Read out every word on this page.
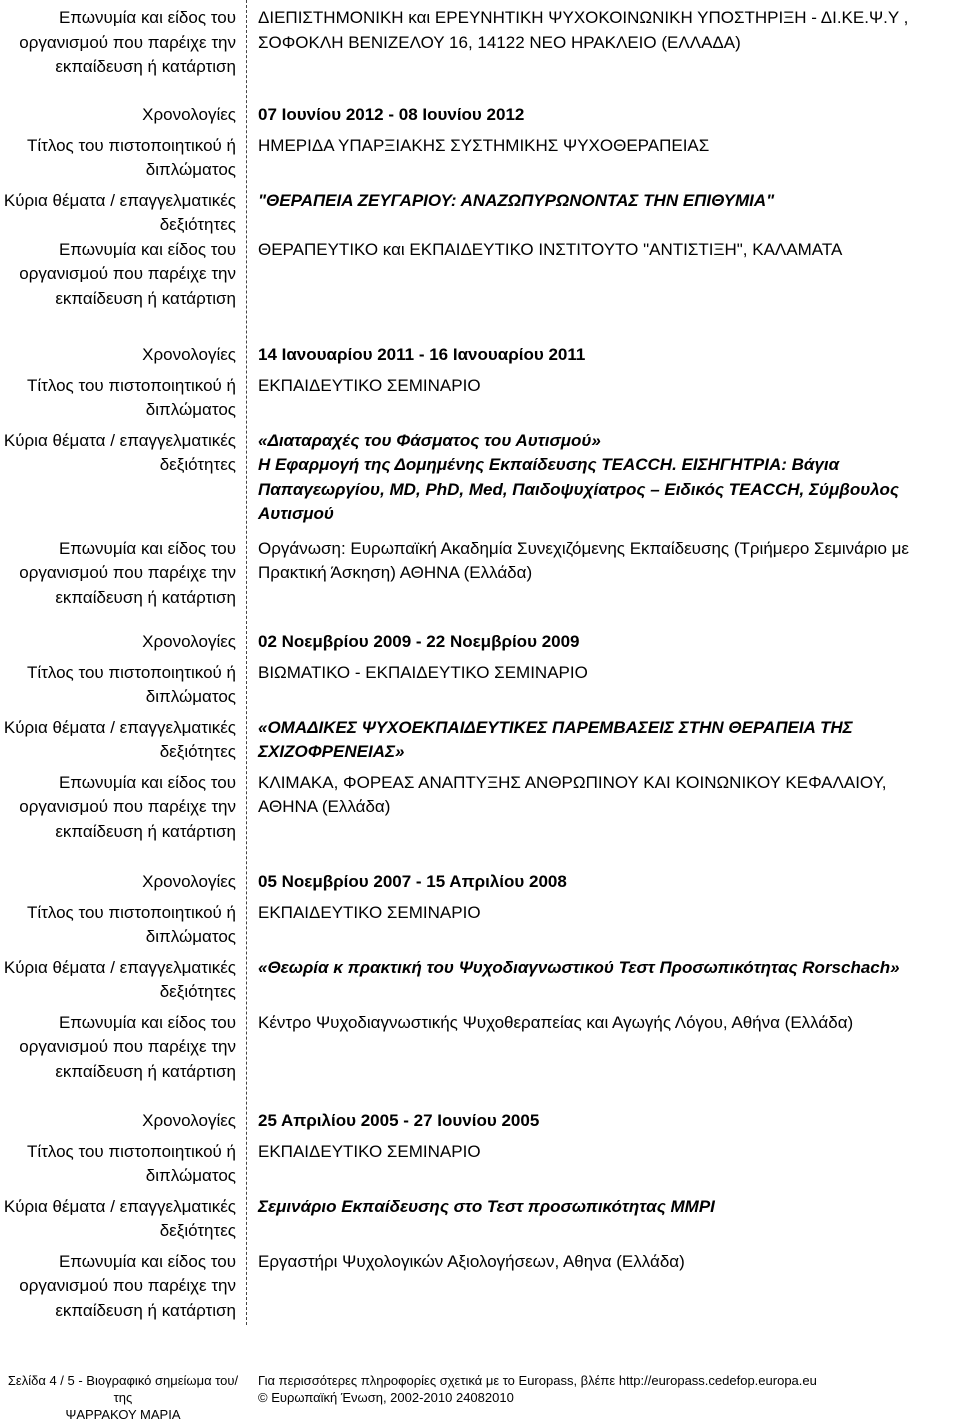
Επωνυμία και είδος του οργανισμού που παρέιχε την εκπαίδευση ή κατάρτιση
ΔΙΕΠΙΣΤΗΜΟΝΙΚΗ και ΕΡΕΥΝΗΤΙΚΗ ΨΥΧΟΚΟΙΝΩΝΙΚΗ ΥΠΟΣΤΗΡΙΞΗ - ΔΙ.ΚΕ.Ψ.Υ , ΣΟΦΟΚΛΗ ΒΕΝΙΖΕΛΟΥ 16, 14122 ΝΕΟ ΗΡΑΚΛΕΙΟ (ΕΛΛΑΔΑ)
Χρονολογίες 07 Ιουνίου 2012 - 08 Ιουνίου 2012
Τίτλος του πιστοποιητικού ή διπλώματος
ΗΜΕΡΙΔΑ ΥΠΑΡΞΙΑΚΗΣ ΣΥΣΤΗΜΙΚΗΣ ΨΥΧΟΘΕΡΑΠΕΙΑΣ
Κύρια θέματα / επαγγελματικές δεξιότητες
"ΘΕΡΑΠΕΙΑ ΖΕΥΓΑΡΙΟΥ: ΑΝΑΖΩΠΥΡΩΝΟΝΤΑΣ ΤΗΝ ΕΠΙΘΥΜΙΑ"
Επωνυμία και είδος του οργανισμού που παρέιχε την εκπαίδευση ή κατάρτιση
ΘΕΡΑΠΕΥΤΙΚΟ και ΕΚΠΑΙΔΕΥΤΙΚΟ ΙΝΣΤΙΤΟΥΤΟ "ΑΝΤΙΣΤΙΞΗ", ΚΑΛΑΜΑΤΑ
Χρονολογίες 14 Ιανουαρίου 2011 - 16 Ιανουαρίου 2011
Τίτλος του πιστοποιητικού ή διπλώματος
ΕΚΠΑΙΔΕΥΤΙΚΟ ΣΕΜΙΝΑΡΙΟ
Κύρια θέματα / επαγγελματικές δεξιότητες
«Διαταραχές του Φάσματος του Αυτισμού»
Η Εφαρμογή της Δομημένης Εκπαίδευσης TEACCH. ΕΙΣΗΓΗΤΡΙΑ: Βάγια Παπαγεωργίου, MD, PhD, Med, Παιδοψυχίατρος – Ειδικός TEACCH, Σύμβουλος Αυτισμού
Επωνυμία και είδος του οργανισμού που παρέιχε την εκπαίδευση ή κατάρτιση
Οργάνωση: Ευρωπαϊκή Ακαδημία Συνεχιζόμενης Εκπαίδευσης (Τριήμερο Σεμινάριο με Πρακτική Άσκηση) ΑΘΗΝΑ (Ελλάδα)
Χρονολογίες 02 Νοεμβρίου 2009 - 22 Νοεμβρίου 2009
Τίτλος του πιστοποιητικού ή διπλώματος
ΒΙΩΜΑΤΙΚΟ - ΕΚΠΑΙΔΕΥΤΙΚΟ ΣΕΜΙΝΑΡΙΟ
Κύρια θέματα / επαγγελματικές δεξιότητες
«ΟΜΑΔΙΚΕΣ ΨΥΧΟΕΚΠΑΙΔΕΥΤΙΚΕΣ ΠΑΡΕΜΒΑΣΕΙΣ ΣΤΗΝ ΘΕΡΑΠΕΙΑ ΤΗΣ ΣΧΙΖΟΦΡΕΝΕΙΑΣ»
Επωνυμία και είδος του οργανισμού που παρέιχε την εκπαίδευση ή κατάρτιση
ΚΛΙΜΑΚΑ, ΦΟΡΕΑΣ ΑΝΑΠΤΥΞΗΣ ΑΝΘΡΩΠΙΝΟΥ ΚΑΙ ΚΟΙΝΩΝΙΚΟΥ ΚΕΦΑΛΑΙΟΥ, ΑΘΗΝΑ (Ελλάδα)
Χρονολογίες 05 Νοεμβρίου 2007 - 15 Απριλίου 2008
Τίτλος του πιστοποιητικού ή διπλώματος
ΕΚΠΑΙΔΕΥΤΙΚΟ ΣΕΜΙΝΑΡΙΟ
Κύρια θέματα / επαγγελματικές δεξιότητες
«Θεωρία κ πρακτική του Ψυχοδιαγνωστικού Τεστ Προσωπικότητας Rorschach»
Επωνυμία και είδος του οργανισμού που παρέιχε την εκπαίδευση ή κατάρτιση
Κέντρο Ψυχοδιαγνωστικής Ψυχοθεραπείας και Αγωγής Λόγου, Αθήνα (Ελλάδα)
Χρονολογίες 25 Απριλίου 2005 - 27 Ιουνίου 2005
Τίτλος του πιστοποιητικού ή διπλώματος
ΕΚΠΑΙΔΕΥΤΙΚΟ ΣΕΜΙΝΑΡΙΟ
Κύρια θέματα / επαγγελματικές δεξιότητες
Σεμινάριο Εκπαίδευσης στο Τεστ προσωπικότητας MMPI
Επωνυμία και είδος του οργανισμού που παρέιχε την εκπαίδευση ή κατάρτιση
Εργαστήρι Ψυχολογικών Αξιολογήσεων, Αθηνα (Ελλάδα)
Σελίδα 4 / 5 - Βιογραφικό σημείωμα του/της
ΨΑΡΡΑΚΟΥ ΜΑΡΙΑ
Για περισσότερες πληροφορίες σχετικά με το Europass, βλέπε http://europass.cedefop.europa.eu
© Ευρωπαϊκή Ένωση, 2002-2010 24082010
